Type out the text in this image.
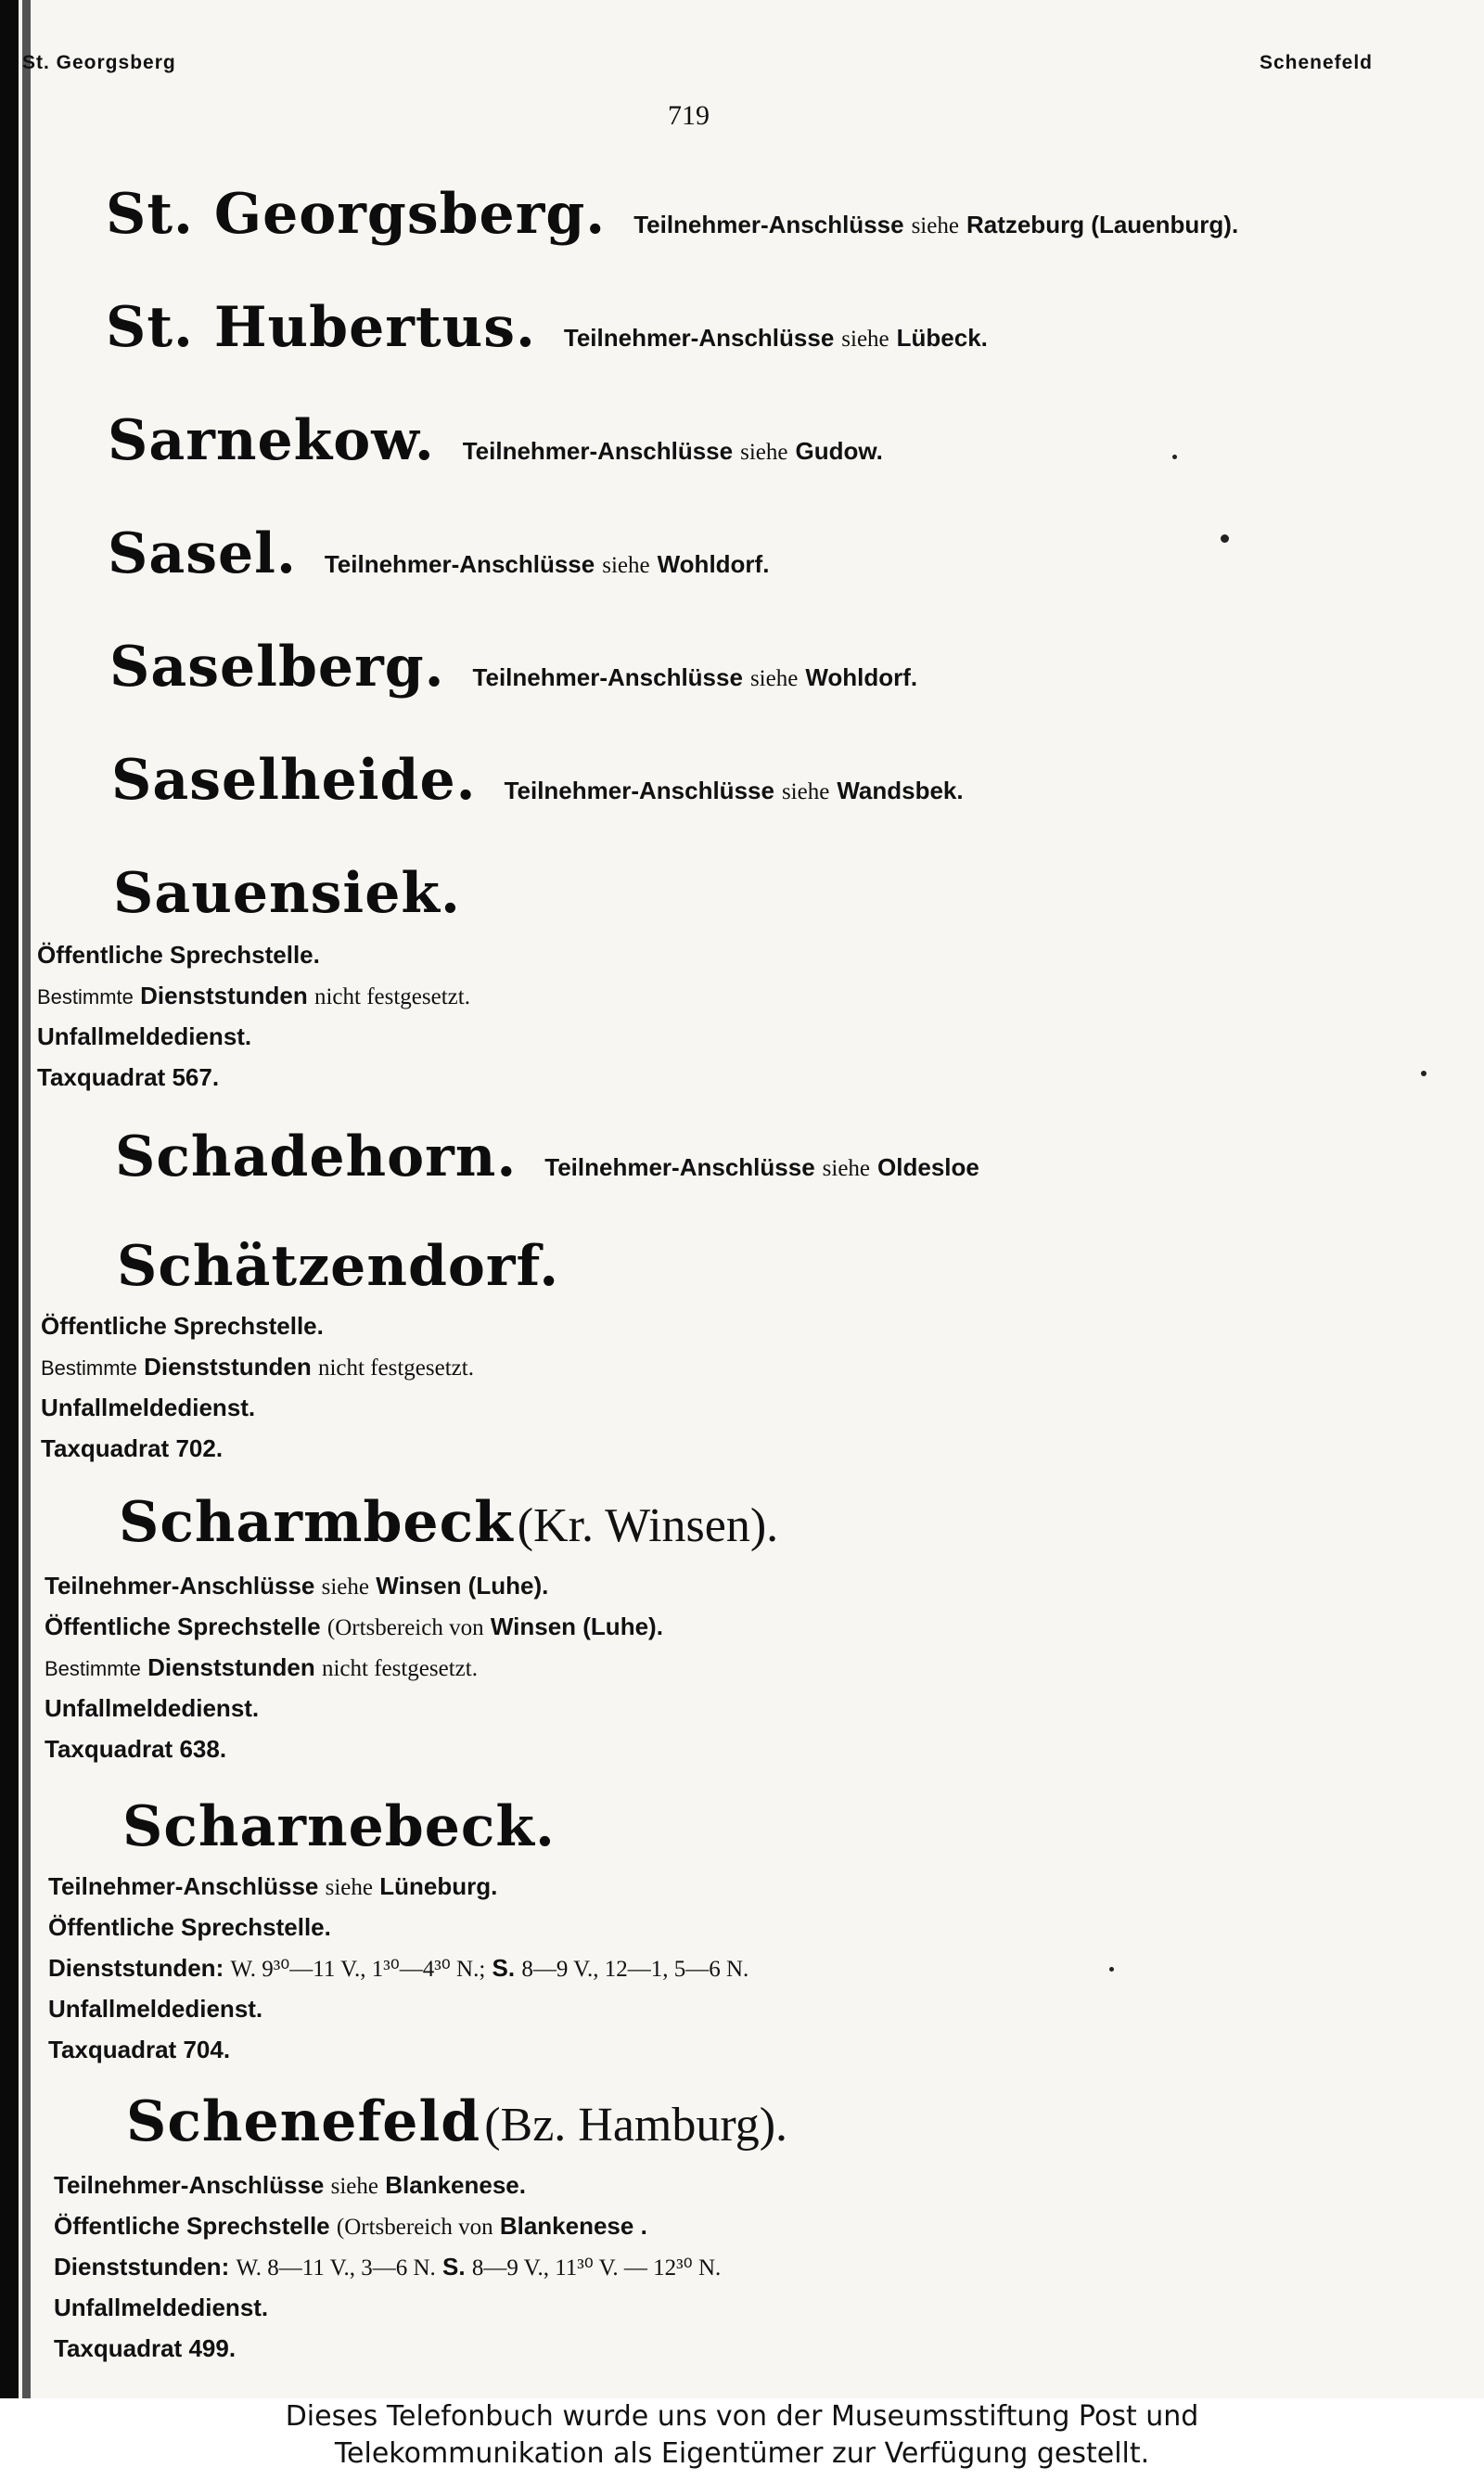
St. Georgsberg	Schenefeld
719
St. Georgsberg. Teilnehmer-Anschlüsse siehe Ratzeburg (Lauenburg).
St. Hubertus. Teilnehmer-Anschlüsse siehe Lübeck.
Sarnekow. Teilnehmer-Anschlüsse siehe Gudow.
Sasel. Teilnehmer-Anschlüsse siehe Wohldorf.
Saselberg. Teilnehmer-Anschlüsse siehe Wohldorf.
Saselheide. Teilnehmer-Anschlüsse siehe Wandsbek.
Sauensiek.
Öffentliche Sprechstelle.
Bestimmte Dienststunden nicht festgesetzt.
Unfallmeldedienst.
Taxquadrat 567.
Schadehorn. Teilnehmer-Anschlüsse siehe Oldesloe
Schätzendorf.
Öffentliche Sprechstelle.
Bestimmte Dienststunden nicht festgesetzt.
Unfallmeldedienst.
Taxquadrat 702.
Scharmbeck (Kr. Winsen).
Teilnehmer-Anschlüsse siehe Winsen (Luhe).
Öffentliche Sprechstelle (Ortsbereich von Winsen (Luhe).
Bestimmte Dienststunden nicht festgesetzt.
Unfallmeldedienst.
Taxquadrat 638.
Scharnebeck.
Teilnehmer-Anschlüsse siehe Lüneburg.
Öffentliche Sprechstelle.
Dienststunden: W. 9³⁰—11 V., 1³⁰—4³⁰ N.; S. 8—9 V., 12—1, 5—6 N.
Unfallmeldedienst.
Taxquadrat 704.
Schenefeld (Bz. Hamburg).
Teilnehmer-Anschlüsse siehe Blankenese.
Öffentliche Sprechstelle (Ortsbereich von Blankenese .
Dienststunden: W. 8—11 V., 3—6 N. S. 8—9 V., 11³⁰ V. — 12³⁰ N.
Unfallmeldedienst.
Taxquadrat 499.
Dieses Telefonbuch wurde uns von der Museumsstiftung Post und
Telekommunikation als Eigentümer zur Verfügung gestellt.
